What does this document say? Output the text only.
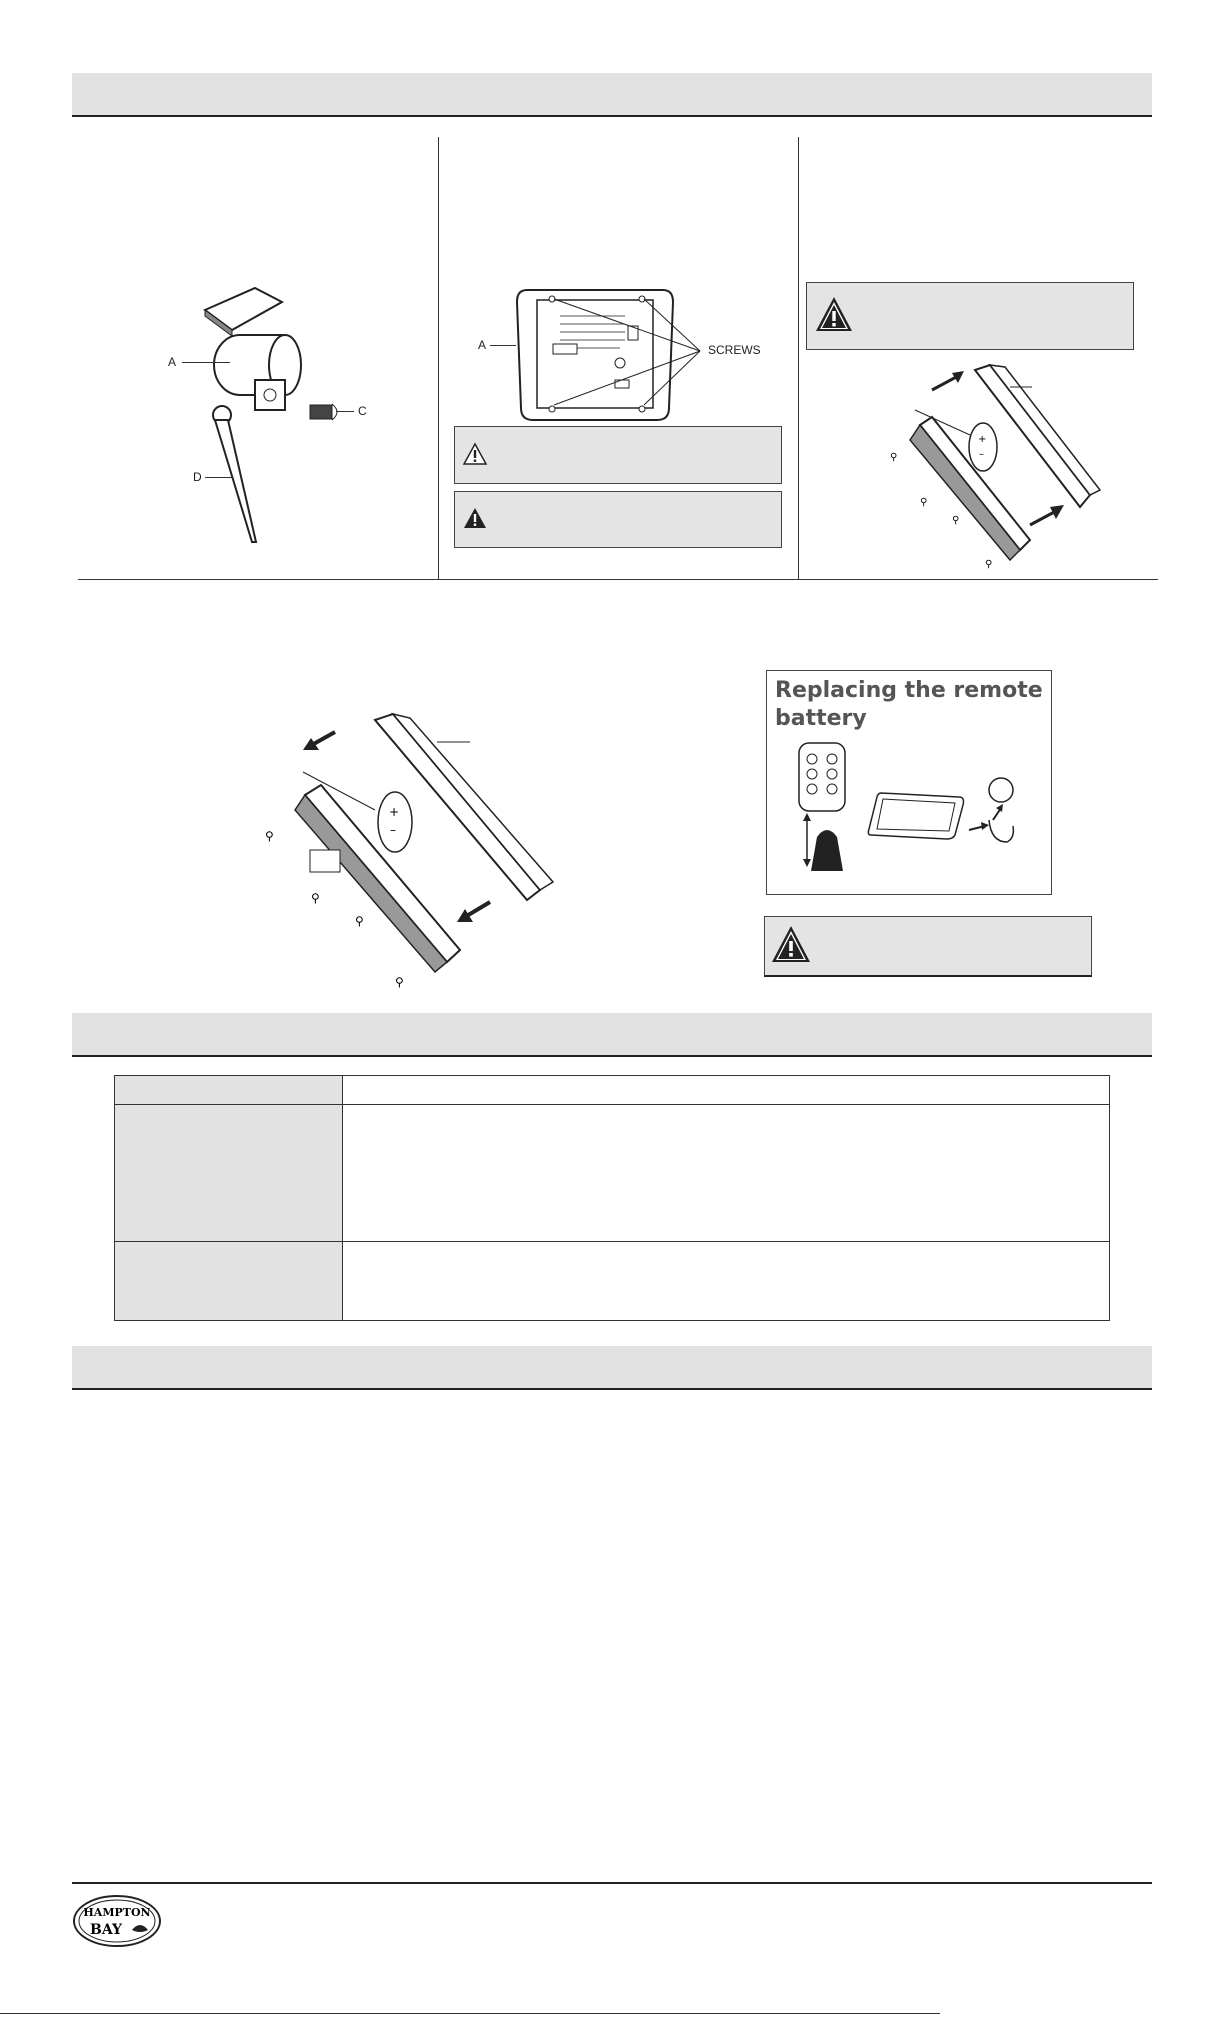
A
C
D
A	SCREWS
+
–
⚲
⚲
⚲
⚲
+
–
⚲
⚲
⚲
⚲
Replacing the remote battery

HAMPTON
BAY
